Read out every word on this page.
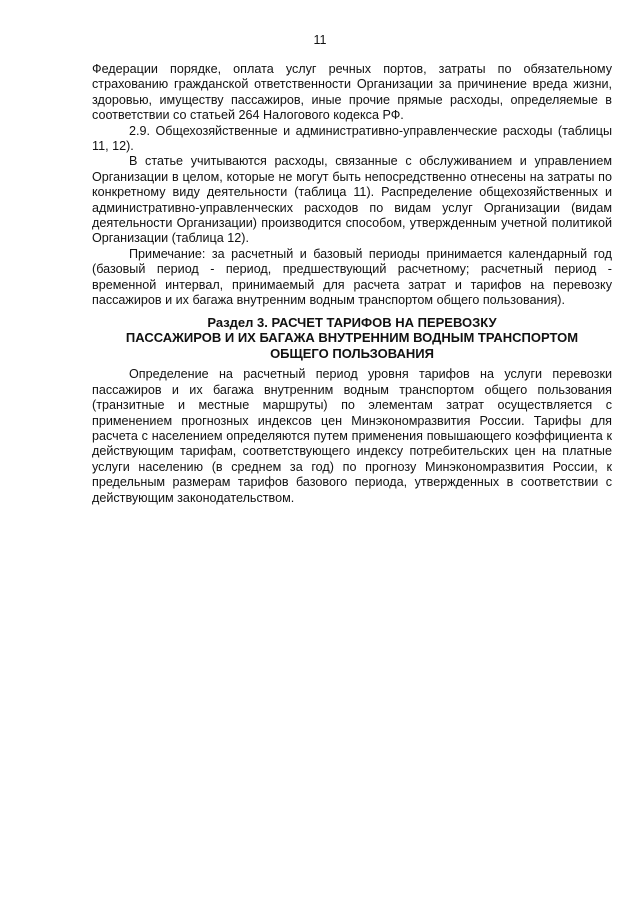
11

Федерации порядке, оплата услуг речных портов, затраты по обязательному страхованию гражданской ответственности Организации за причинение вреда жизни, здоровью, имуществу пассажиров, иные прочие прямые расходы, определяемые в соответствии со статьей 264 Налогового кодекса РФ.

2.9. Общехозяйственные и административно-управленческие расходы (таблицы 11, 12).

В статье учитываются расходы, связанные с обслуживанием и управлением Организации в целом, которые не могут быть непосредственно отнесены на затраты по конкретному виду деятельности (таблица 11). Распределение общехозяйственных и административно-управленческих расходов по видам услуг Организации (видам деятельности Организации) производится способом, утвержденным учетной политикой Организации (таблица 12).

Примечание: за расчетный и базовый периоды принимается календарный год (базовый период - период, предшествующий расчетному; расчетный период - временной интервал, принимаемый для расчета затрат и тарифов на перевозку пассажиров и их багажа внутренним водным транспортом общего пользования).

Раздел 3. РАСЧЕТ ТАРИФОВ НА ПЕРЕВОЗКУ
ПАССАЖИРОВ И ИХ БАГАЖА ВНУТРЕННИМ ВОДНЫМ ТРАНСПОРТОМ
ОБЩЕГО ПОЛЬЗОВАНИЯ

Определение на расчетный период уровня тарифов на услуги перевозки пассажиров и их багажа внутренним водным транспортом общего пользования (транзитные и местные маршруты) по элементам затрат осуществляется с применением прогнозных индексов цен Минэкономразвития России. Тарифы для расчета с населением определяются путем применения повышающего коэффициента к действующим тарифам, соответствующего индексу потребительских цен на платные услуги населению (в среднем за год) по прогнозу Минэкономразвития России, к предельным размерам тарифов базового периода, утвержденных в соответствии с действующим законодательством.
